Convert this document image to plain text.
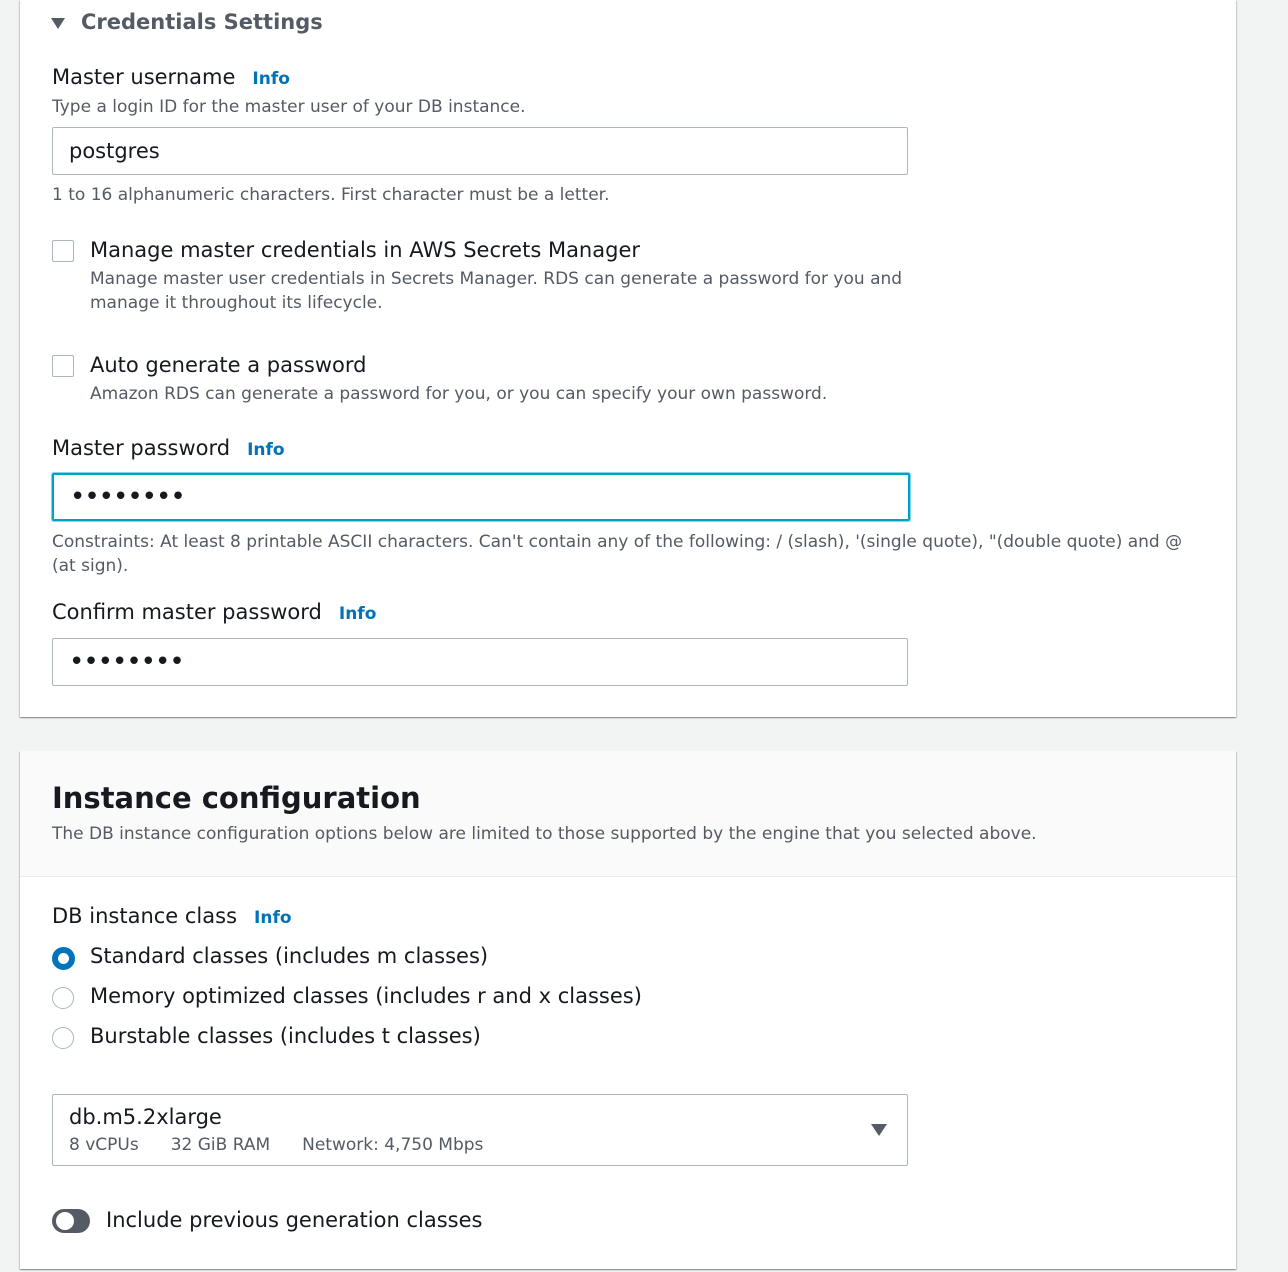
Credentials Settings
Master username Info
Type a login ID for the master user of your DB instance.
postgres
1 to 16 alphanumeric characters. First character must be a letter.
Manage master credentials in AWS Secrets Manager
Manage master user credentials in Secrets Manager. RDS can generate a password for you and manage it throughout its lifecycle.
Auto generate a password
Amazon RDS can generate a password for you, or you can specify your own password.
Master password Info
••••••••
Constraints: At least 8 printable ASCII characters. Can't contain any of the following: / (slash), '(single quote), "(double quote) and @ (at sign).
Confirm master password Info
••••••••
Instance configuration
The DB instance configuration options below are limited to those supported by the engine that you selected above.
DB instance class Info
Standard classes (includes m classes)
Memory optimized classes (includes r and x classes)
Burstable classes (includes t classes)
db.m5.2xlarge
8 vCPUs 32 GiB RAM Network: 4,750 Mbps
Include previous generation classes
